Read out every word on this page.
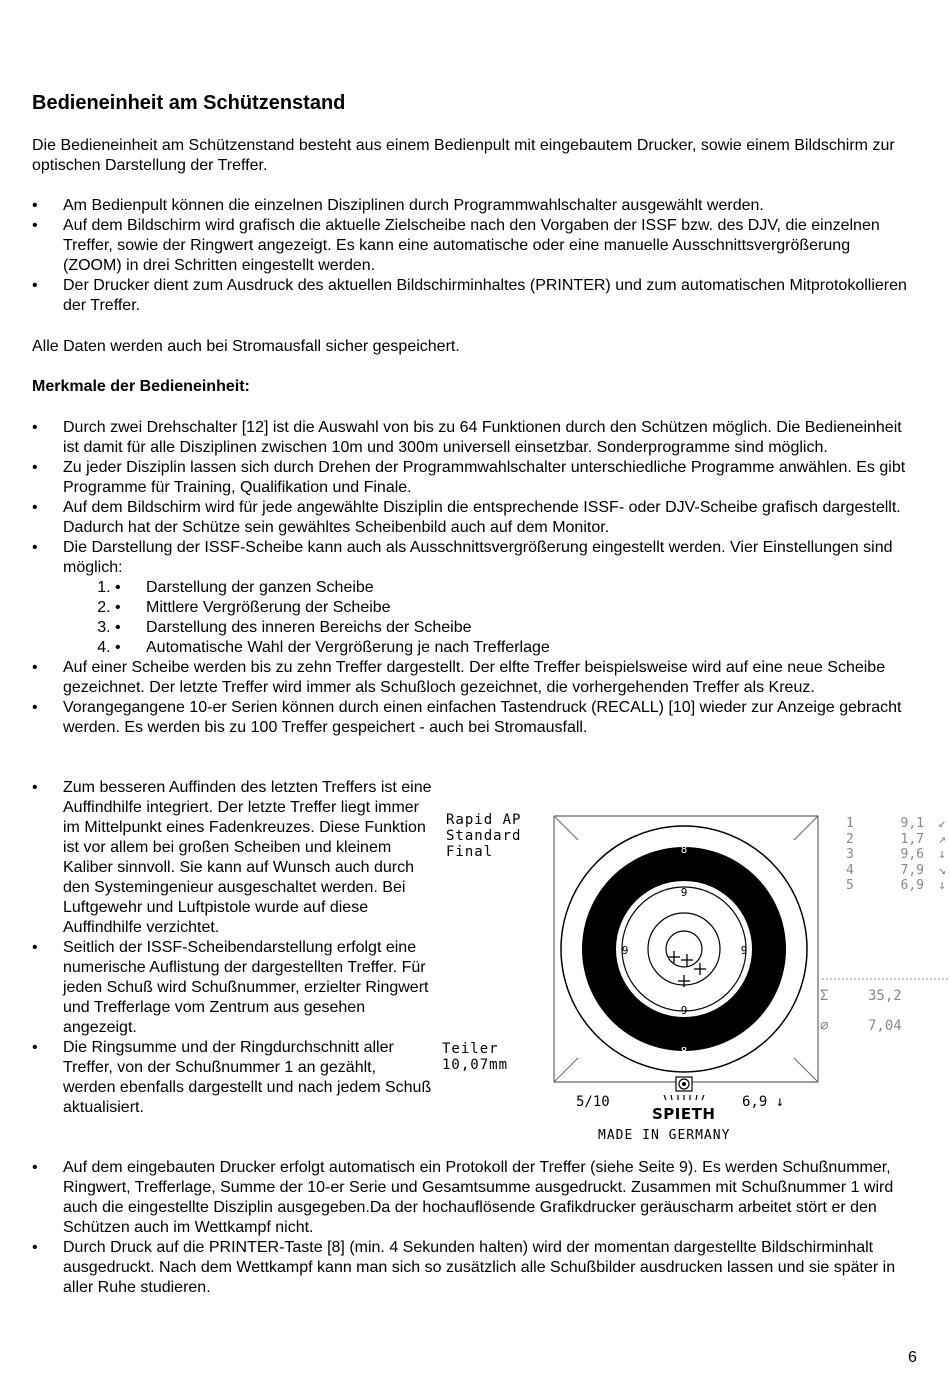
Bedieneinheit am Schützenstand

Die Bedieneinheit am Schützenstand besteht aus einem Bedienpult mit eingebautem Drucker, sowie einem Bildschirm zur optischen Darstellung der Treffer.

• Am Bedienpult können die einzelnen Disziplinen durch Programmwahlschalter ausgewählt werden.
• Auf dem Bildschirm wird grafisch die aktuelle Zielscheibe nach den Vorgaben der ISSF bzw. des DJV, die einzelnen Treffer, sowie der Ringwert angezeigt. Es kann eine automatische oder eine manuelle Ausschnittsvergrößerung (ZOOM) in drei Schritten eingestellt werden.
• Der Drucker dient zum Ausdruck des aktuellen Bildschirminhaltes (PRINTER) und zum automatischen Mitprotokollieren der Treffer.

Alle Daten werden auch bei Stromausfall sicher gespeichert.

Merkmale der Bedieneinheit:

• Durch zwei Drehschalter [12] ist die Auswahl von bis zu 64 Funktionen durch den Schützen möglich. Die Bedieneinheit ist damit für alle Disziplinen zwischen 10m und 300m universell einsetzbar. Sonderprogramme sind möglich.
• Zu jeder Disziplin lassen sich durch Drehen der Programmwahlschalter unterschiedliche Programme anwählen. Es gibt Programme für Training, Qualifikation und Finale.
• Auf dem Bildschirm wird für jede angewählte Disziplin die entsprechende ISSF- oder DJV-Scheibe grafisch dargestellt. Dadurch hat der Schütze sein gewähltes Scheibenbild auch auf dem Monitor.
• Die Darstellung der ISSF-Scheibe kann auch als Ausschnittsvergrößerung eingestellt werden. Vier Einstellungen sind möglich:
• 1. Darstellung der ganzen Scheibe
• 2. Mittlere Vergrößerung der Scheibe
• 3. Darstellung des inneren Bereichs der Scheibe
• 4. Automatische Wahl der Vergrößerung je nach Trefferlage
• Auf einer Scheibe werden bis zu zehn Treffer dargestellt. Der elfte Treffer beispielsweise wird auf eine neue Scheibe gezeichnet. Der letzte Treffer wird immer als Schußloch gezeichnet, die vorhergehenden Treffer als Kreuz.
• Vorangegangene 10-er Serien können durch einen einfachen Tastendruck (RECALL) [10] wieder zur Anzeige gebracht werden. Es werden bis zu 100 Treffer gespeichert - auch bei Stromausfall.
• Zum besseren Auffinden des letzten Treffers ist eine Auffindhilfe integriert. Der letzte Treffer liegt immer im Mittelpunkt eines Fadenkreuzes. Diese Funktion ist vor allem bei großen Scheiben und kleinem Kaliber sinnvoll. Sie kann auf Wunsch auch durch den Systemingenieur ausgeschaltet werden. Bei Luftgewehr und Luftpistole wurde auf diese Auffindhilfe verzichtet.
• Seitlich der ISSF-Scheibendarstellung erfolgt eine numerische Auflistung der dargestellten Treffer. Für jeden Schuß wird Schußnummer, erzielter Ringwert und Trefferlage vom Zentrum aus gesehen angezeigt.
• Die Ringsumme und der Ringdurchschnitt aller Treffer, von der Schußnummer 1 an gezählt, werden ebenfalls dargestellt und nach jedem Schuß aktualisiert.
Rapid AP
Standard
Final
Teiler
10,07mm
8
8
9
9
9	9
1	9,1	↙
2	1,7	↗
3	9,6	↓
4	7,9	↘
5	6,9	↓
Σ	35,2
⌀	7,04
5/10	6,9 ↓
SPIETH
MADE IN GERMANY
• Auf dem eingebauten Drucker erfolgt automatisch ein Protokoll der Treffer (siehe Seite 9). Es werden Schußnummer, Ringwert, Trefferlage, Summe der 10-er Serie und Gesamtsumme ausgedruckt. Zusammen mit Schußnummer 1 wird auch die eingestellte Disziplin ausgegeben.Da der hochauflösende Grafikdrucker geräuscharm arbeitet stört er den Schützen auch im Wettkampf nicht.
• Durch Druck auf die PRINTER-Taste [8] (min. 4 Sekunden halten) wird der momentan dargestellte Bildschirminhalt ausgedruckt. Nach dem Wettkampf kann man sich so zusätzlich alle Schußbilder ausdrucken lassen und sie später in aller Ruhe studieren.
6
